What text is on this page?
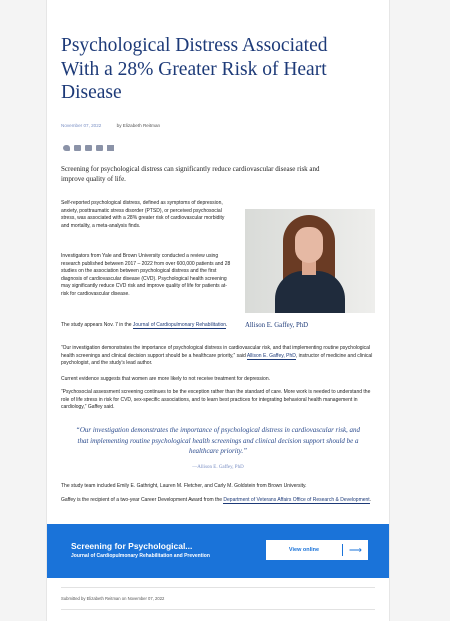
Psychological Distress Associated With a 28% Greater Risk of Heart Disease
November 07, 2022	by Elizabeth Reitman
Screening for psychological distress can significantly reduce cardiovascular disease risk and improve quality of life.
Self-reported psychological distress, defined as symptoms of depression, anxiety, posttraumatic stress disorder (PTSD), or perceived psychosocial stress, was associated with a 28% greater risk of cardiovascular morbidity and mortality, a meta-analysis finds.
Investigators from Yale and Brown University conducted a review using research published between 2017 – 2022 from over 600,000 patients and 28 studies on the association between psychological distress and the first diagnosis of cardiovascular disease (CVD). Psychological health screening may significantly reduce CVD risk and improve quality of life for patients at-risk for cardiovascular disease.
The study appears Nov. 7 in the Journal of Cardiopulmonary Rehabilitation.	Allison E. Gaffey, PhD
“Our investigation demonstrates the importance of psychological distress in cardiovascular risk, and that implementing routine psychological health screenings and clinical decision support should be a healthcare priority,” said Allison E. Gaffey, PhD, instructor of medicine and clinical psychologist, and the study’s lead author.
Current evidence suggests that women are more likely to not receive treatment for depression.
“Psychosocial assessment screening continues to be the exception rather than the standard of care. More work is needed to understand the role of life stress in risk for CVD, sex-specific associations, and to learn best practices for integrating behavioral health management in cardiology,” Gaffey said.
“Our investigation demonstrates the importance of psychological distress in cardiovascular risk, and that implementing routine psychological health screenings and clinical decision support should be a healthcare priority.”
—Allison E. Gaffey, PhD
The study team included Emily E. Gathright, Lauren M. Fletcher, and Carly M. Goldstein from Brown University.
Gaffey is the recipient of a two-year Career Development Award from the Department of Veterans Affairs Office of Research & Development.
Screening for Psychological...
Journal of Cardiopulmonary Rehabilitation and Prevention
View online	⟶
Submitted by Elizabeth Reitman on November 07, 2022
